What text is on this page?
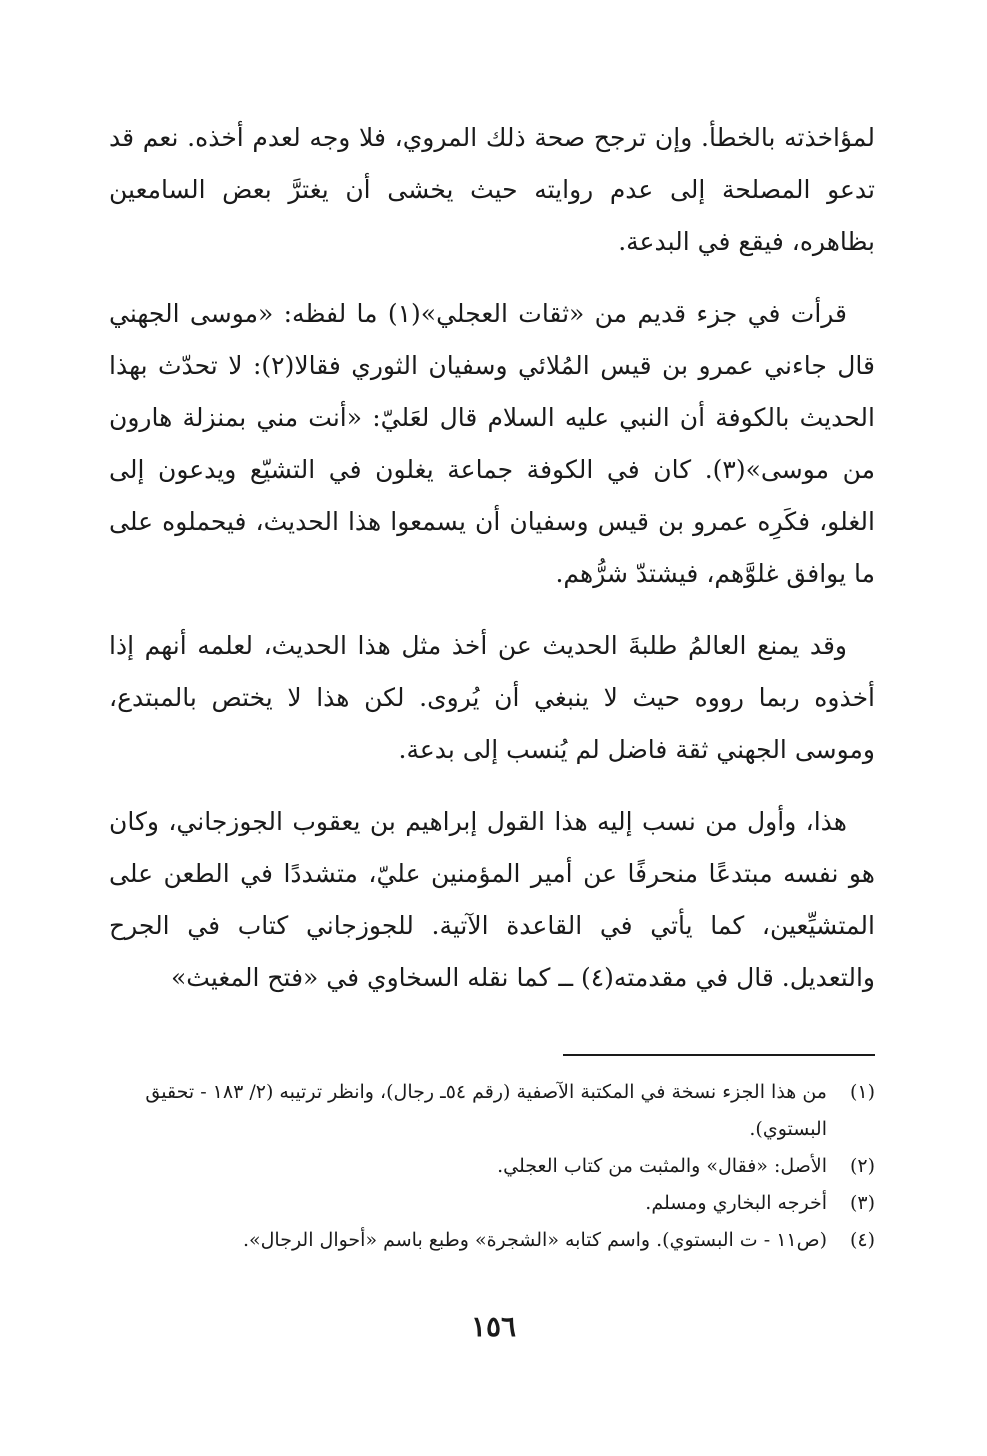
لمؤاخذته بالخطأ. وإن ترجح صحة ذلك المروي، فلا وجه لعدم أخذه. نعم قد تدعو المصلحة إلى عدم روايته حيث يخشى أن يغترَّ بعض السامعين بظاهره، فيقع في البدعة.

قرأت في جزء قديم من «ثقات العجلي»(١) ما لفظه: «موسى الجهني قال جاءني عمرو بن قيس المُلائي وسفيان الثوري فقالا(٢): لا تحدّث بهذا الحديث بالكوفة أن النبي عليه السلام قال لعَليّ: «أنت مني بمنزلة هارون من موسى»(٣). كان في الكوفة جماعة يغلون في التشيّع ويدعون إلى الغلو، فكَرِه عمرو بن قيس وسفيان أن يسمعوا هذا الحديث، فيحملوه على ما يوافق غلوَّهم، فيشتدّ شرُّهم.

وقد يمنع العالمُ طلبةَ الحديث عن أخذ مثل هذا الحديث، لعلمه أنهم إذا أخذوه ربما رووه حيث لا ينبغي أن يُروى. لكن هذا لا يختص بالمبتدع، وموسى الجهني ثقة فاضل لم يُنسب إلى بدعة.

هذا، وأول من نسب إليه هذا القول إبراهيم بن يعقوب الجوزجاني، وكان هو نفسه مبتدعًا منحرفًا عن أمير المؤمنين عليّ، متشددًا في الطعن على المتشيِّعين، كما يأتي في القاعدة الآتية. للجوزجاني كتاب في الجرح والتعديل. قال في مقدمته(٤) ــ كما نقله السخاوي في «فتح المغيث»

(١)
من هذا الجزء نسخة في المكتبة الآصفية (رقم ٥٤ـ رجال)، وانظر ترتيبه (٢/ ١٨٣ - تحقيق البستوي).
(٢)
الأصل: «فقال» والمثبت من كتاب العجلي.
(٣)
أخرجه البخاري ومسلم.
(٤)
(ص١١ - ت البستوي). واسم كتابه «الشجرة» وطبع باسم «أحوال الرجال».
١٥٦
